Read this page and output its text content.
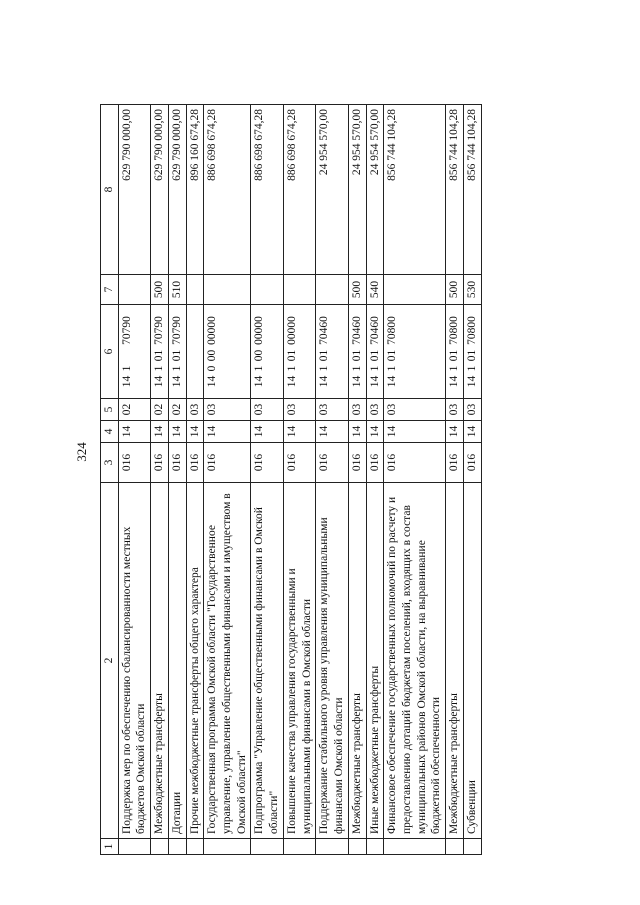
324
1	2	3	4	5	6	7	8
	Поддержка мер по обеспечению сбалансированности местных бюджетов Омской области	016	14	02	14170790		629 790 000,00
	Межбюджетные трансферты	016	14	02	1410170790	500	629 790 000,00
	Дотации	016	14	02	1410170790	510	629 790 000,00
	Прочие межбюджетные трансферты общего характера	016	14	03			896 160 674,28
	Государственная программа Омской области "Государственное управление, управление общественными финансами и имуществом в Омской области"	016	14	03	1400000000		886 698 674,28
	Подпрограмма "Управление общественными финансами в Омской области"	016	14	03	1410000000		886 698 674,28
	Повышение качества управления государственными и муниципальными финансами в Омской области	016	14	03	1410100000		886 698 674,28
	Поддержание стабильного уровня управления муниципальными финансами Омской области	016	14	03	1410170460		24 954 570,00
	Межбюджетные трансферты	016	14	03	1410170460	500	24 954 570,00
	Иные межбюджетные трансферты	016	14	03	1410170460	540	24 954 570,00
	Финансовое обеспечение государственных полномочий по расчету и предоставлению дотаций бюджетам поселений, входящих в состав муниципальных районов Омской области, на выравнивание бюджетной обеспеченности	016	14	03	1410170800		856 744 104,28
	Межбюджетные трансферты	016	14	03	1410170800	500	856 744 104,28
	Субвенции	016	14	03	1410170800	530	856 744 104,28
